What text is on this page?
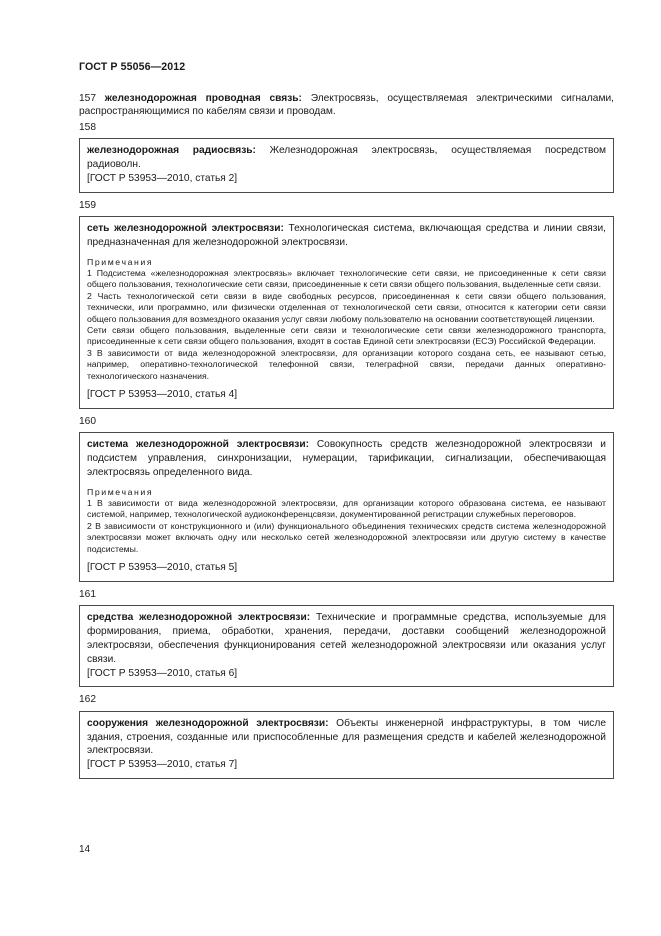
ГОСТ Р 55056—2012
157 железнодорожная проводная связь: Электросвязь, осуществляемая электрическими сигналами, распространяющимися по кабелям связи и проводам.
158
железнодорожная радиосвязь: Железнодорожная электросвязь, осуществляемая посредством радиоволн.
[ГОСТ Р 53953—2010, статья 2]
159
сеть железнодорожной электросвязи: Технологическая система, включающая средства и линии связи, предназначенная для железнодорожной электросвязи.
Примечания
1 Подсистема «железнодорожная электросвязь» включает технологические сети связи, не присоединенные к сети связи общего пользования, технологические сети связи, присоединенные к сети связи общего пользования, выделенные сети связи.
2 Часть технологической сети связи в виде свободных ресурсов, присоединенная к сети связи общего пользования, технически, или программно, или физически отделенная от технологической сети связи, относится к категории сети связи общего пользования для возмездного оказания услуг связи любому пользователю на основании соответствующей лицензии.
Сети связи общего пользования, выделенные сети связи и технологические сети связи железнодорожного транспорта, присоединенные к сети связи общего пользования, входят в состав Единой сети электросвязи (ЕСЭ) Российской Федерации.
3 В зависимости от вида железнодорожной электросвязи, для организации которого создана сеть, ее называют сетью, например, оперативно-технологической телефонной связи, телеграфной связи, передачи данных оперативно-технологического назначения.
[ГОСТ Р 53953—2010, статья 4]
160
система железнодорожной электросвязи: Совокупность средств железнодорожной электросвязи и подсистем управления, синхронизации, нумерации, тарификации, сигнализации, обеспечивающая электросвязь определенного вида.
Примечания
1 В зависимости от вида железнодорожной электросвязи, для организации которого образована система, ее называют системой, например, технологической аудиоконференцсвязи, документированной регистрации служебных переговоров.
2 В зависимости от конструкционного и (или) функционального объединения технических средств система железнодорожной электросвязи может включать одну или несколько сетей железнодорожной электросвязи или другую систему в качестве подсистемы.
[ГОСТ Р 53953—2010, статья 5]
161
средства железнодорожной электросвязи: Технические и программные средства, используемые для формирования, приема, обработки, хранения, передачи, доставки сообщений железнодорожной электросвязи, обеспечения функционирования сетей железнодорожной электросвязи или оказания услуг связи.
[ГОСТ Р 53953—2010, статья 6]
162
сооружения железнодорожной электросвязи: Объекты инженерной инфраструктуры, в том числе здания, строения, созданные или приспособленные для размещения средств и кабелей железнодорожной электросвязи.
[ГОСТ Р 53953—2010, статья 7]
14
